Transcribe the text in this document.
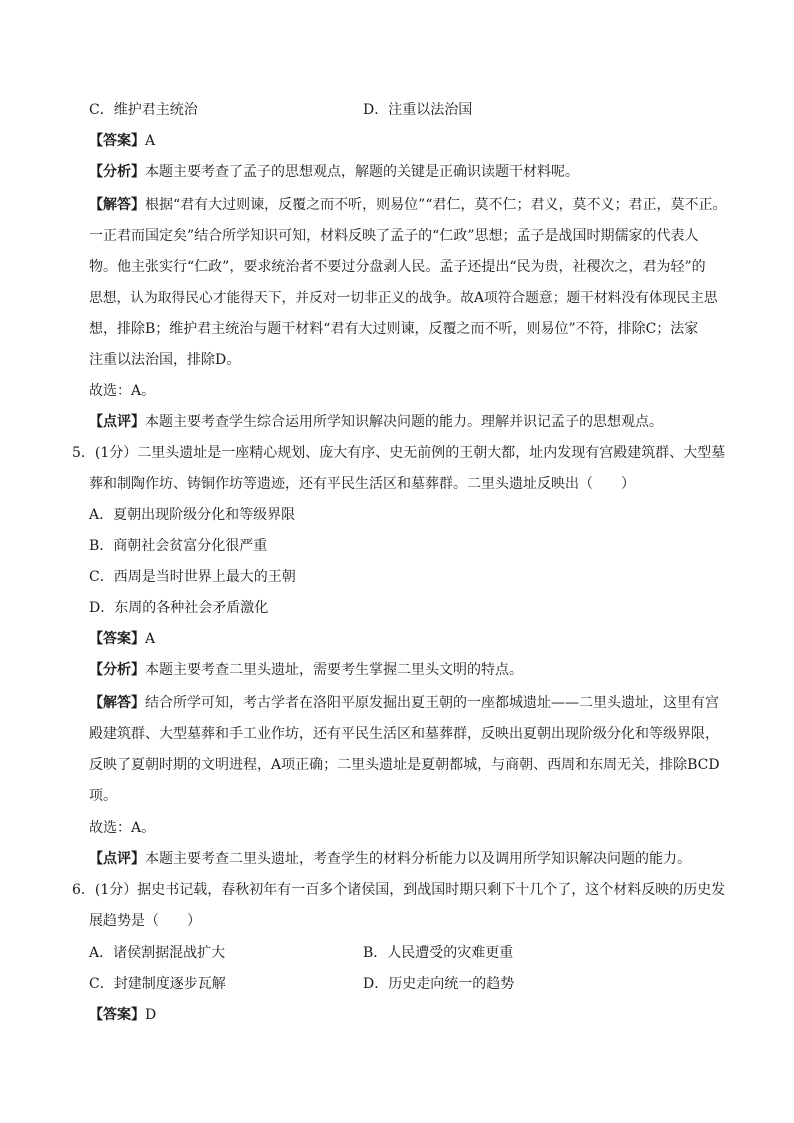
C．维护君主统治	D．注重以法治国
【答案】A
【分析】本题主要考查了孟子的思想观点，解题的关键是正确识读题干材料呢。
【解答】根据“君有大过则谏，反覆之而不听，则易位”“君仁，莫不仁；君义，莫不义；君正，莫不正。
一正君而国定矣”结合所学知识可知，材料反映了孟子的“仁政”思想；孟子是战国时期儒家的代表人
物。他主张实行“仁政”，要求统治者不要过分盘剥人民。孟子还提出“民为贵，社稷次之，君为轻”的
思想，认为取得民心才能得天下，并反对一切非正义的战争。故A项符合题意；题干材料没有体现民主思
想，排除B；维护君主统治与题干材料“君有大过则谏，反覆之而不听，则易位”不符，排除C；法家
注重以法治国，排除D。
故选：A。
【点评】本题主要考查学生综合运用所学知识解决问题的能力。理解并识记孟子的思想观点。
5．(1分）二里头遗址是一座精心规划、庞大有序、史无前例的王朝大都，址内发现有宫殿建筑群、大型墓
葬和制陶作坊、铸铜作坊等遗迹，还有平民生活区和墓葬群。二里头遗址反映出（　　）
A．夏朝出现阶级分化和等级界限
B．商朝社会贫富分化很严重
C．西周是当时世界上最大的王朝
D．东周的各种社会矛盾激化
【答案】A
【分析】本题主要考查二里头遗址，需要考生掌握二里头文明的特点。
【解答】结合所学可知，考古学者在洛阳平原发掘出夏王朝的一座都城遗址——二里头遗址，这里有宫
殿建筑群、大型墓葬和手工业作坊，还有平民生活区和墓葬群，反映出夏朝出现阶级分化和等级界限，
反映了夏朝时期的文明进程，A项正确；二里头遗址是夏朝都城，与商朝、西周和东周无关，排除BCD
项。
故选：A。
【点评】本题主要考查二里头遗址，考查学生的材料分析能力以及调用所学知识解决问题的能力。
6．(1分）据史书记载，春秋初年有一百多个诸侯国，到战国时期只剩下十几个了，这个材料反映的历史发
展趋势是（　　）
A．诸侯割据混战扩大	B．人民遭受的灾难更重
C．封建制度逐步瓦解	D．历史走向统一的趋势
【答案】D
